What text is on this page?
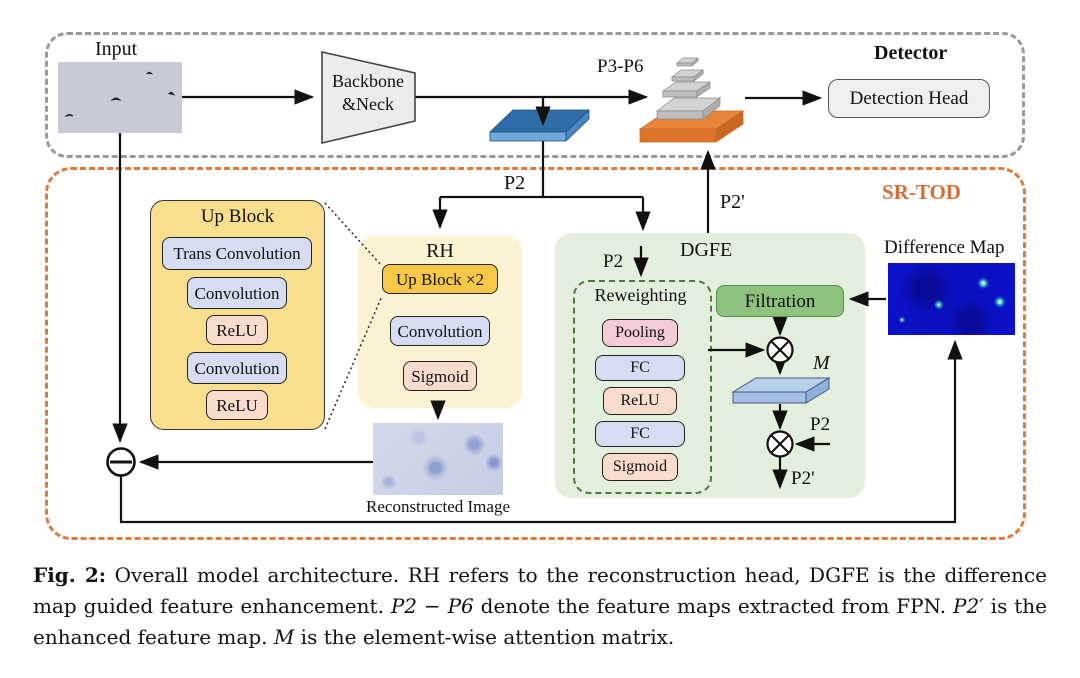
Input	Detector
Backbone
&Neck
P3-P6
Detection Head
SR-TOD
P2
P2'
Up Block
Trans Convolution
Convolution
ReLU
Convolution
ReLU
RH
Up Block ×2
Convolution
Sigmoid
DGFE
P2
Reweighting
Pooling
FC
ReLU
FC
Sigmoid
Filtration
M
P2
P2'
Difference Map
Reconstructed Image
Fig. 2: Overall model architecture. RH refers to the reconstruction head, DGFE is the difference map guided feature enhancement. P2 − P6 denote the feature maps extracted from FPN. P2′ is the enhanced feature map. M is the element-wise attention matrix.
